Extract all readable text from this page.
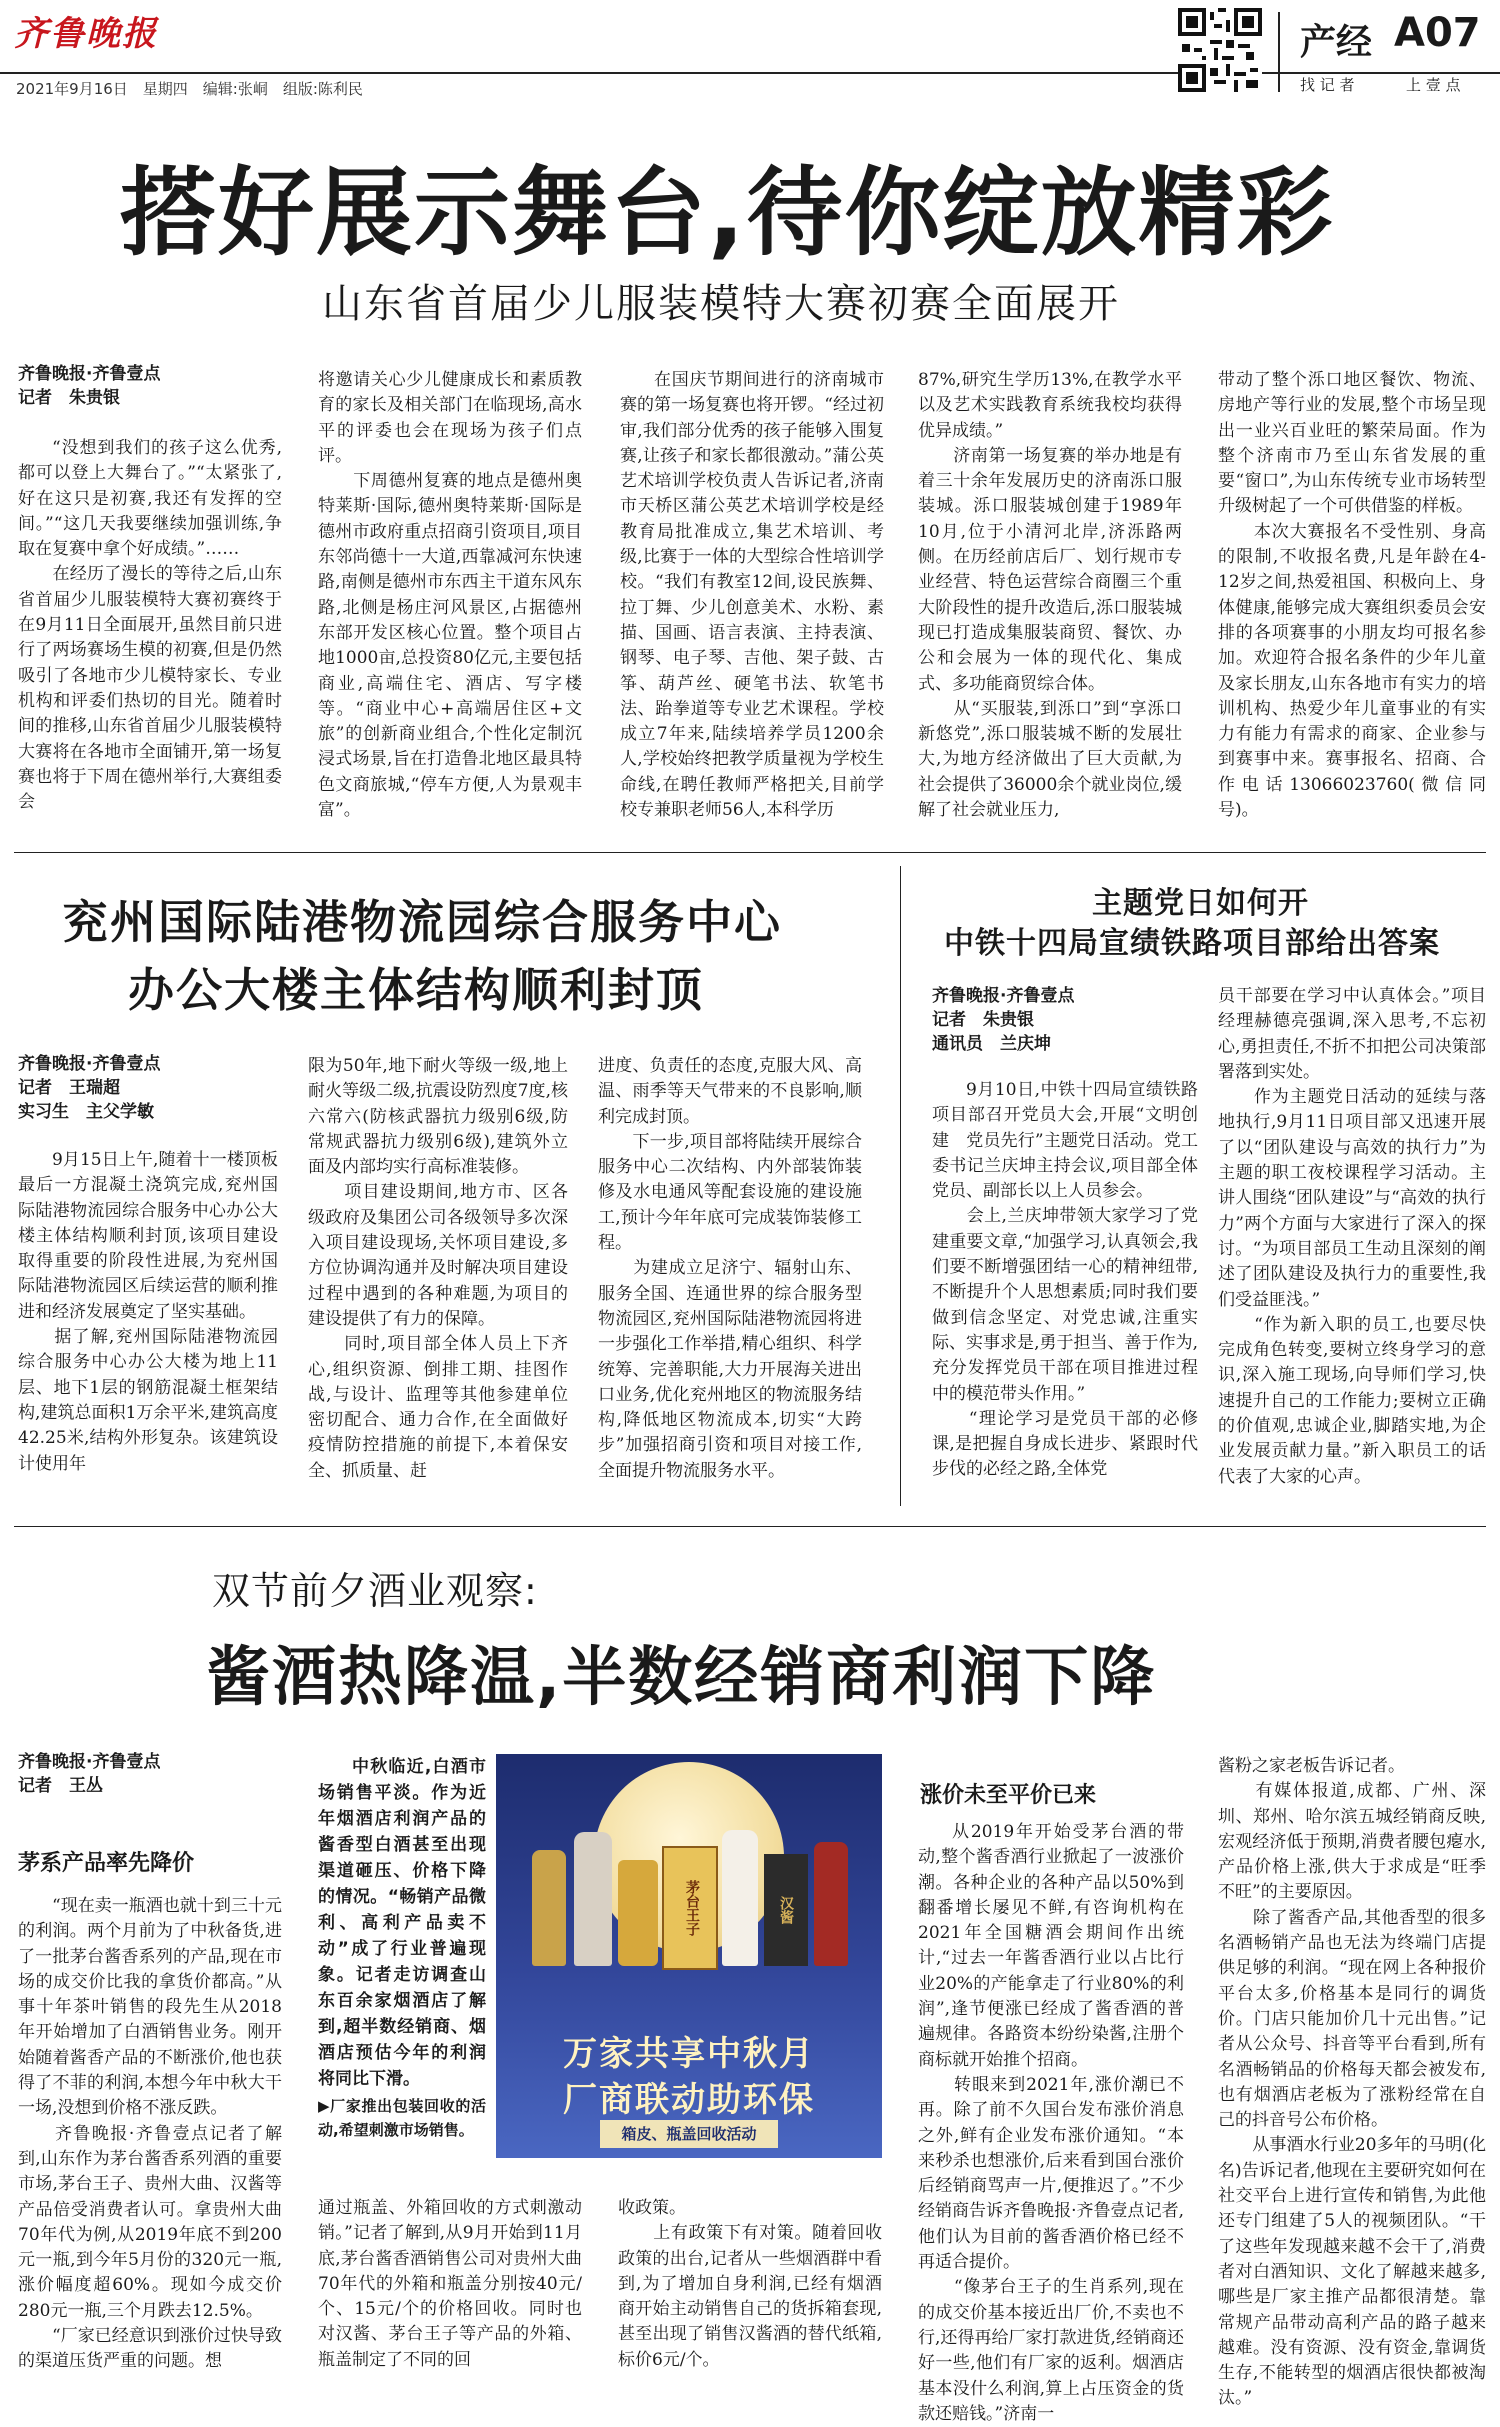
齐鲁晚报
2021年9月16日　星期四　编辑:张峒　组版:陈利民
产经 A07
找 记 者	上 壹 点
搭好展示舞台,待你绽放精彩
山东省首届少儿服装模特大赛初赛全面展开
齐鲁晚报·齐鲁壹点
记者　朱贵银

“没想到我们的孩子这么优秀,都可以登上大舞台了。”“太紧张了,好在这只是初赛,我还有发挥的空间。”“这几天我要继续加强训练,争取在复赛中拿个好成绩。”……
　　在经历了漫长的等待之后,山东省首届少儿服装模特大赛初赛终于在9月11日全面展开,虽然目前只进行了两场赛场生模的初赛,但是仍然吸引了各地市少儿模特家长、专业机构和评委们热切的目光。随着时间的推移,山东省首届少儿服装模特大赛将在各地市全面铺开,第一场复赛也将于下周在德州举行,大赛组委会

将邀请关心少儿健康成长和素质教育的家长及相关部门在临现场,高水平的评委也会在现场为孩子们点评。
　　下周德州复赛的地点是德州奥特莱斯·国际,德州奥特莱斯·国际是德州市政府重点招商引资项目,项目东邻尚德十一大道,西靠减河东快速路,南侧是德州市东西主干道东风东路,北侧是杨庄河风景区,占据德州东部开发区核心位置。整个项目占地1000亩,总投资80亿元,主要包括商业,高端住宅、酒店、写字楼等。“商业中心+高端居住区+文旅”的创新商业组合,个性化定制沉浸式场景,旨在打造鲁北地区最具特色文商旅城,“停车方便,人为景观丰富”。

在国庆节期间进行的济南城市赛的第一场复赛也将开锣。“经过初审,我们部分优秀的孩子能够入围复赛,让孩子和家长都很激动。”蒲公英艺术培训学校负责人告诉记者,济南市天桥区蒲公英艺术培训学校是经教育局批准成立,集艺术培训、考级,比赛于一体的大型综合性培训学校。“我们有教室12间,设民族舞、拉丁舞、少儿创意美术、水粉、素描、国画、语言表演、主持表演、钢琴、电子琴、吉他、架子鼓、古筝、葫芦丝、硬笔书法、软笔书法、跆拳道等专业艺术课程。学校成立7年来,陆续培养学员1200余人,学校始终把教学质量视为学校生命线,在聘任教师严格把关,目前学校专兼职老师56人,本科学历

87%,研究生学历13%,在教学水平以及艺术实践教育系统我校均获得优异成绩。”
　　济南第一场复赛的举办地是有着三十余年发展历史的济南泺口服装城。泺口服装城创建于1989年10月,位于小清河北岸,济泺路两侧。在历经前店后厂、划行规市专业经营、特色运营综合商圈三个重大阶段性的提升改造后,泺口服装城现已打造成集服装商贸、餐饮、办公和会展为一体的现代化、集成式、多功能商贸综合体。
　　从“买服装,到泺口”到“享泺口　新悠党”,泺口服装城不断的发展壮大,为地方经济做出了巨大贡献,为社会提供了36000余个就业岗位,缓解了社会就业压力,

带动了整个泺口地区餐饮、物流、房地产等行业的发展,整个市场呈现出一业兴百业旺的繁荣局面。作为整个济南市乃至山东省发展的重要“窗口”,为山东传统专业市场转型升级树起了一个可供借鉴的样板。
　　本次大赛报名不受性别、身高的限制,不收报名费,凡是年龄在4-12岁之间,热爱祖国、积极向上、身体健康,能够完成大赛组织委员会安排的各项赛事的小朋友均可报名参加。欢迎符合报名条件的少年儿童及家长朋友,山东各地市有实力的培训机构、热爱少年儿童事业的有实力有能力有需求的商家、企业参与到赛事中来。赛事报名、招商、合作电话13066023760(微信同号)。

兖州国际陆港物流园综合服务中心
办公大楼主体结构顺利封顶
齐鲁晚报·齐鲁壹点
记者　王瑞超
实习生　主父学敏

9月15日上午,随着十一楼顶板最后一方混凝土浇筑完成,兖州国际陆港物流园综合服务中心办公大楼主体结构顺利封顶,该项目建设取得重要的阶段性进展,为兖州国际陆港物流园区后续运营的顺利推进和经济发展奠定了坚实基础。
　　据了解,兖州国际陆港物流园综合服务中心办公大楼为地上11层、地下1层的钢筋混凝土框架结构,建筑总面积1万余平米,建筑高度42.25米,结构外形复杂。该建筑设计使用年

限为50年,地下耐火等级一级,地上耐火等级二级,抗震设防烈度7度,核六常六(防核武器抗力级别6级,防常规武器抗力级别6级),建筑外立面及内部均实行高标准装修。
　　项目建设期间,地方市、区各级政府及集团公司各级领导多次深入项目建设现场,关怀项目建设,多方位协调沟通并及时解决项目建设过程中遇到的各种难题,为项目的建设提供了有力的保障。
　　同时,项目部全体人员上下齐心,组织资源、倒排工期、挂图作战,与设计、监理等其他参建单位密切配合、通力合作,在全面做好疫情防控措施的前提下,本着保安全、抓质量、赶

进度、负责任的态度,克服大风、高温、雨季等天气带来的不良影响,顺利完成封顶。
　　下一步,项目部将陆续开展综合服务中心二次结构、内外部装饰装修及水电通风等配套设施的建设施工,预计今年年底可完成装饰装修工程。
　　为建成立足济宁、辐射山东、服务全国、连通世界的综合服务型物流园区,兖州国际陆港物流园将进一步强化工作举措,精心组织、科学统筹、完善职能,大力开展海关进出口业务,优化兖州地区的物流服务结构,降低地区物流成本,切实“大跨步”加强招商引资和项目对接工作,全面提升物流服务水平。

主题党日如何开
中铁十四局宣绩铁路项目部给出答案
齐鲁晚报·齐鲁壹点
记者　朱贵银
通讯员　兰庆坤

9月10日,中铁十四局宣绩铁路项目部召开党员大会,开展“文明创建　党员先行”主题党日活动。党工委书记兰庆坤主持会议,项目部全体党员、副部长以上人员参会。
　　会上,兰庆坤带领大家学习了党建重要文章,“加强学习,认真领会,我们要不断增强团结一心的精神纽带,不断提升个人思想素质;同时我们要做到信念坚定、对党忠诚,注重实际、实事求是,勇于担当、善于作为,充分发挥党员干部在项目推进过程中的模范带头作用。”
　　“理论学习是党员干部的必修课,是把握自身成长进步、紧跟时代步伐的必经之路,全体党

员干部要在学习中认真体会。”项目经理赫德亮强调,深入思考,不忘初心,勇担责任,不折不扣把公司决策部署落到实处。
　　作为主题党日活动的延续与落地执行,9月11日项目部又迅速开展了以“团队建设与高效的执行力”为主题的职工夜校课程学习活动。主讲人围绕“团队建设”与“高效的执行力”两个方面与大家进行了深入的探讨。“为项目部员工生动且深刻的阐述了团队建设及执行力的重要性,我们受益匪浅。”
　　“作为新入职的员工,也要尽快完成角色转变,要树立终身学习的意识,深入施工现场,向导师们学习,快速提升自己的工作能力;要树立正确的价值观,忠诚企业,脚踏实地,为企业发展贡献力量。”新入职员工的话代表了大家的心声。

双节前夕酒业观察:
酱酒热降温,半数经销商利润下降
齐鲁晚报·齐鲁壹点
记者　王丛
茅系产品率先降价

“现在卖一瓶酒也就十到三十元的利润。两个月前为了中秋备货,进了一批茅台酱香系列的产品,现在市场的成交价比我的拿货价都高。”从事十年茶叶销售的段先生从2018年开始增加了白酒销售业务。刚开始随着酱香产品的不断涨价,他也获得了不菲的利润,本想今年中秋大干一场,没想到价格不涨反跌。
　　齐鲁晚报·齐鲁壹点记者了解到,山东作为茅台酱香系列酒的重要市场,茅台王子、贵州大曲、汉酱等产品倍受消费者认可。拿贵州大曲70年代为例,从2019年底不到200元一瓶,到今年5月份的320元一瓶,涨价幅度超60%。现如今成交价280元一瓶,三个月跌去12.5%。
　　“厂家已经意识到涨价过快导致的渠道压货严重的问题。想

中秋临近,白酒市场销售平淡。作为近年烟酒店利润产品的酱香型白酒甚至出现渠道砸压、价格下降的情况。“畅销产品微利、高利产品卖不动”成了行业普遍现象。记者走访调查山东百余家烟酒店了解到,超半数经销商、烟酒店预估今年的利润将同比下滑。

茅台王子	汉酱
万家共享中秋月
厂商联动助环保
箱皮、瓶盖回收活动

▶厂家推出包装回收的活动,希望刺激市场销售。

通过瓶盖、外箱回收的方式刺激动销。”记者了解到,从9月开始到11月底,茅台酱香酒销售公司对贵州大曲70年代的外箱和瓶盖分别按40元/个、15元/个的价格回收。同时也对汉酱、茅台王子等产品的外箱、瓶盖制定了不同的回

收政策。
　　上有政策下有对策。随着回收政策的出台,记者从一些烟酒群中看到,为了增加自身利润,已经有烟酒商开始主动销售自己的货拆箱套现,甚至出现了销售汉酱酒的替代纸箱,标价6元/个。

涨价未至平价已来

从2019年开始受茅台酒的带动,整个酱香酒行业掀起了一波涨价潮。各种企业的各种产品以50%到翻番增长屡见不鲜,有咨询机构在2021年全国糖酒会期间作出统计,“过去一年酱香酒行业以占比行业20%的产能拿走了行业80%的利润”,逢节便涨已经成了酱香酒的普遍规律。各路资本纷纷染酱,注册个商标就开始推个招商。
　　转眼来到2021年,涨价潮已不再。除了前不久国台发布涨价消息之外,鲜有企业发布涨价通知。“本来秒杀也想涨价,后来看到国台涨价后经销商骂声一片,便推迟了。”不少经销商告诉齐鲁晚报·齐鲁壹点记者,他们认为目前的酱香酒价格已经不再适合提价。
　　“像茅台王子的生肖系列,现在的成交价基本接近出厂价,不卖也不行,还得再给厂家打款进货,经销商还好一些,他们有厂家的返利。烟酒店基本没什么利润,算上占压资金的货款还赔钱。”济南一

酱粉之家老板告诉记者。
　　有媒体报道,成都、广州、深圳、郑州、哈尔滨五城经销商反映,宏观经济低于预期,消费者腰包瘪水,产品价格上涨,供大于求成是“旺季不旺”的主要原因。
　　除了酱香产品,其他香型的很多名酒畅销产品也无法为终端门店提供足够的利润。“现在网上各种报价平台太多,价格基本是同行的调货价。门店只能加价几十元出售。”记者从公众号、抖音等平台看到,所有名酒畅销品的价格每天都会被发布,也有烟酒店老板为了涨粉经常在自己的抖音号公布价格。
　　从事酒水行业20多年的马明(化名)告诉记者,他现在主要研究如何在社交平台上进行宣传和销售,为此他还专门组建了5人的视频团队。“干了这些年发现越来越不会干了,消费者对白酒知识、文化了解越来越多,哪些是厂家主推产品都很清楚。靠常规产品带动高利产品的路子越来越难。没有资源、没有资金,靠调货生存,不能转型的烟酒店很快都被淘汰。”
